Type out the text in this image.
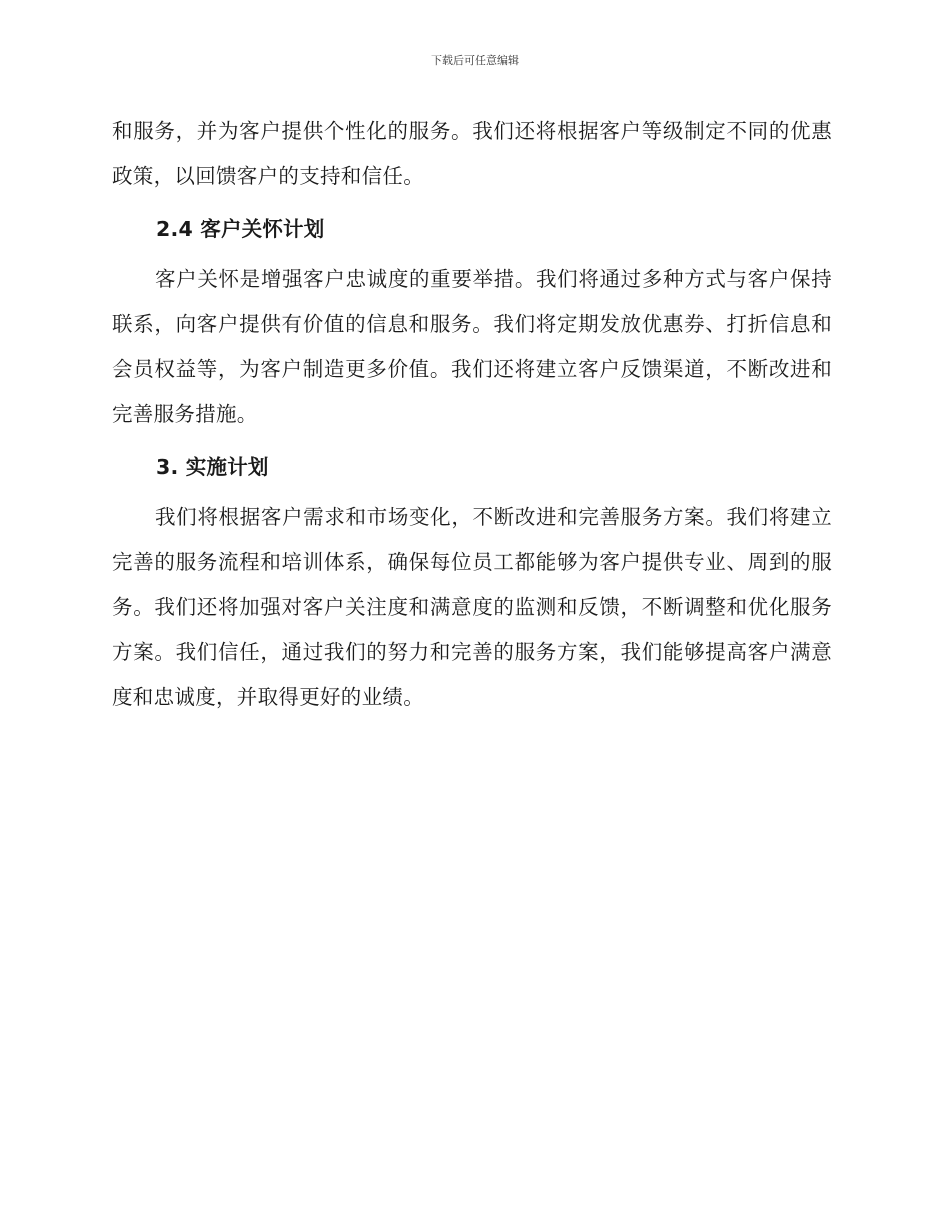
下载后可任意编辑

和服务，并为客户提供个性化的服务。我们还将根据客户等级制定不同的优惠政策，以回馈客户的支持和信任。

2.4 客户关怀计划

客户关怀是增强客户忠诚度的重要举措。我们将通过多种方式与客户保持联系，向客户提供有价值的信息和服务。我们将定期发放优惠券、打折信息和会员权益等，为客户制造更多价值。我们还将建立客户反馈渠道，不断改进和完善服务措施。

3. 实施计划

我们将根据客户需求和市场变化，不断改进和完善服务方案。我们将建立完善的服务流程和培训体系，确保每位员工都能够为客户提供专业、周到的服务。我们还将加强对客户关注度和满意度的监测和反馈，不断调整和优化服务方案。我们信任，通过我们的努力和完善的服务方案，我们能够提高客户满意度和忠诚度，并取得更好的业绩。
